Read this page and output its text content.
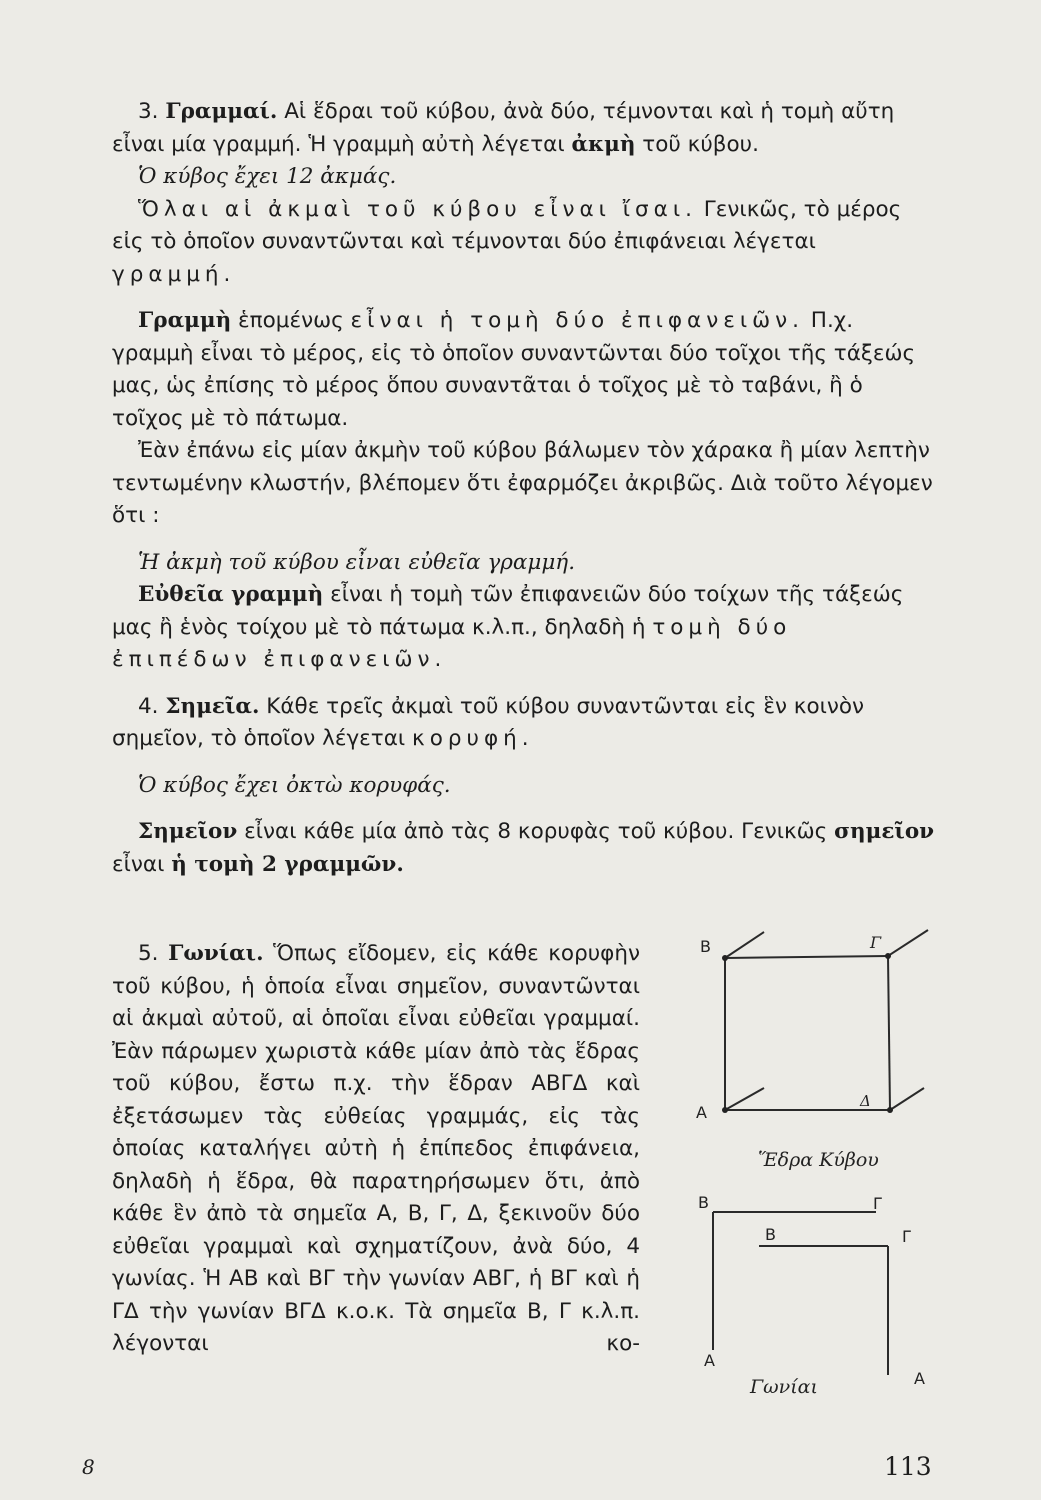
3. Γραμμαί. Αἱ ἕδραι τοῦ κύβου, ἀνὰ δύο, τέμνονται καὶ ἡ τομὴ αὔτη εἶναι μία γραμμή. Ἡ γραμμὴ αὐτὴ λέγεται ἀκμὴ τοῦ κύβου.

Ὁ κύβος ἔχει 12 ἀκμάς.

Ὅλαι αἱ ἀκμαὶ τοῦ κύβου εἶναι ἴσαι. Γενικῶς, τὸ μέρος εἰς τὸ ὁποῖον συναντῶνται καὶ τέμνονται δύο ἐπιφάνειαι λέγεται γραμμή.

Γραμμὴ ἑπομένως εἶναι ἡ τομὴ δύο ἐπιφανειῶν. Π.χ. γραμμὴ εἶναι τὸ μέρος, εἰς τὸ ὁποῖον συναντῶνται δύο τοῖχοι τῆς τάξεώς μας, ὡς ἐπίσης τὸ μέρος ὅπου συναντᾶται ὁ τοῖχος μὲ τὸ ταβάνι, ἢ ὁ τοῖχος μὲ τὸ πάτωμα.

Ἐὰν ἐπάνω εἰς μίαν ἀκμὴν τοῦ κύβου βάλωμεν τὸν χάρακα ἢ μίαν λεπτὴν τεντωμένην κλωστήν, βλέπομεν ὅτι ἐφαρμόζει ἀκριβῶς. Διὰ τοῦτο λέγομεν ὅτι :

Ἡ ἀκμὴ τοῦ κύβου εἶναι εὐθεῖα γραμμή.

Εὐθεῖα γραμμὴ εἶναι ἡ τομὴ τῶν ἐπιφανειῶν δύο τοίχων τῆς τάξεώς μας ἢ ἑνὸς τοίχου μὲ τὸ πάτωμα κ.λ.π., δηλαδὴ ἡ τομὴ δύο ἐπιπέδων ἐπιφανειῶν.

4. Σημεῖα. Κάθε τρεῖς ἀκμαὶ τοῦ κύβου συναντῶνται εἰς ἓν κοινὸν σημεῖον, τὸ ὁποῖον λέγεται κορυφή.

Ὁ κύβος ἔχει ὀκτὼ κορυφάς.

Σημεῖον εἶναι κάθε μία ἀπὸ τὰς 8 κορυφὰς τοῦ κύβου. Γενικῶς σημεῖον εἶναι ἡ τομὴ 2 γραμμῶν.

5. Γωνίαι. Ὅπως εἴδομεν, εἰς κάθε κορυφὴν τοῦ κύβου, ἡ ὁποία εἶναι σημεῖον, συναντῶνται αἱ ἀκμαὶ αὐτοῦ, αἱ ὁποῖαι εἶναι εὐθεῖαι γραμμαί. Ἐὰν πάρωμεν χωριστὰ κάθε μίαν ἀπὸ τὰς ἕδρας τοῦ κύβου, ἔστω π.χ. τὴν ἕδραν ΑΒΓΔ καὶ ἐξετάσωμεν τὰς εὐθείας γραμμάς, εἰς τὰς ὁποίας καταλήγει αὐτὴ ἡ ἐπίπεδος ἐπιφάνεια, δηλαδὴ ἡ ἕδρα, θὰ παρατηρήσωμεν ὅτι, ἀπὸ κάθε ἓν ἀπὸ τὰ σημεῖα Α, Β, Γ, Δ, ξεκινοῦν δύο εὐθεῖαι γραμμαὶ καὶ σχηματίζουν, ἀνὰ δύο, 4 γωνίας. Ἡ ΑΒ καὶ ΒΓ τὴν γωνίαν ΑΒΓ, ἡ ΒΓ καὶ ἡ ΓΔ τὴν γωνίαν ΒΓΔ κ.ο.κ. Τὰ σημεῖα Β, Γ κ.λ.π. λέγονται κο-

Β	Γ
Α
Δ
Ἕδρα Κύβου
Β	Γ
Β	Γ
Α
Α
Γωνίαι
8	113
